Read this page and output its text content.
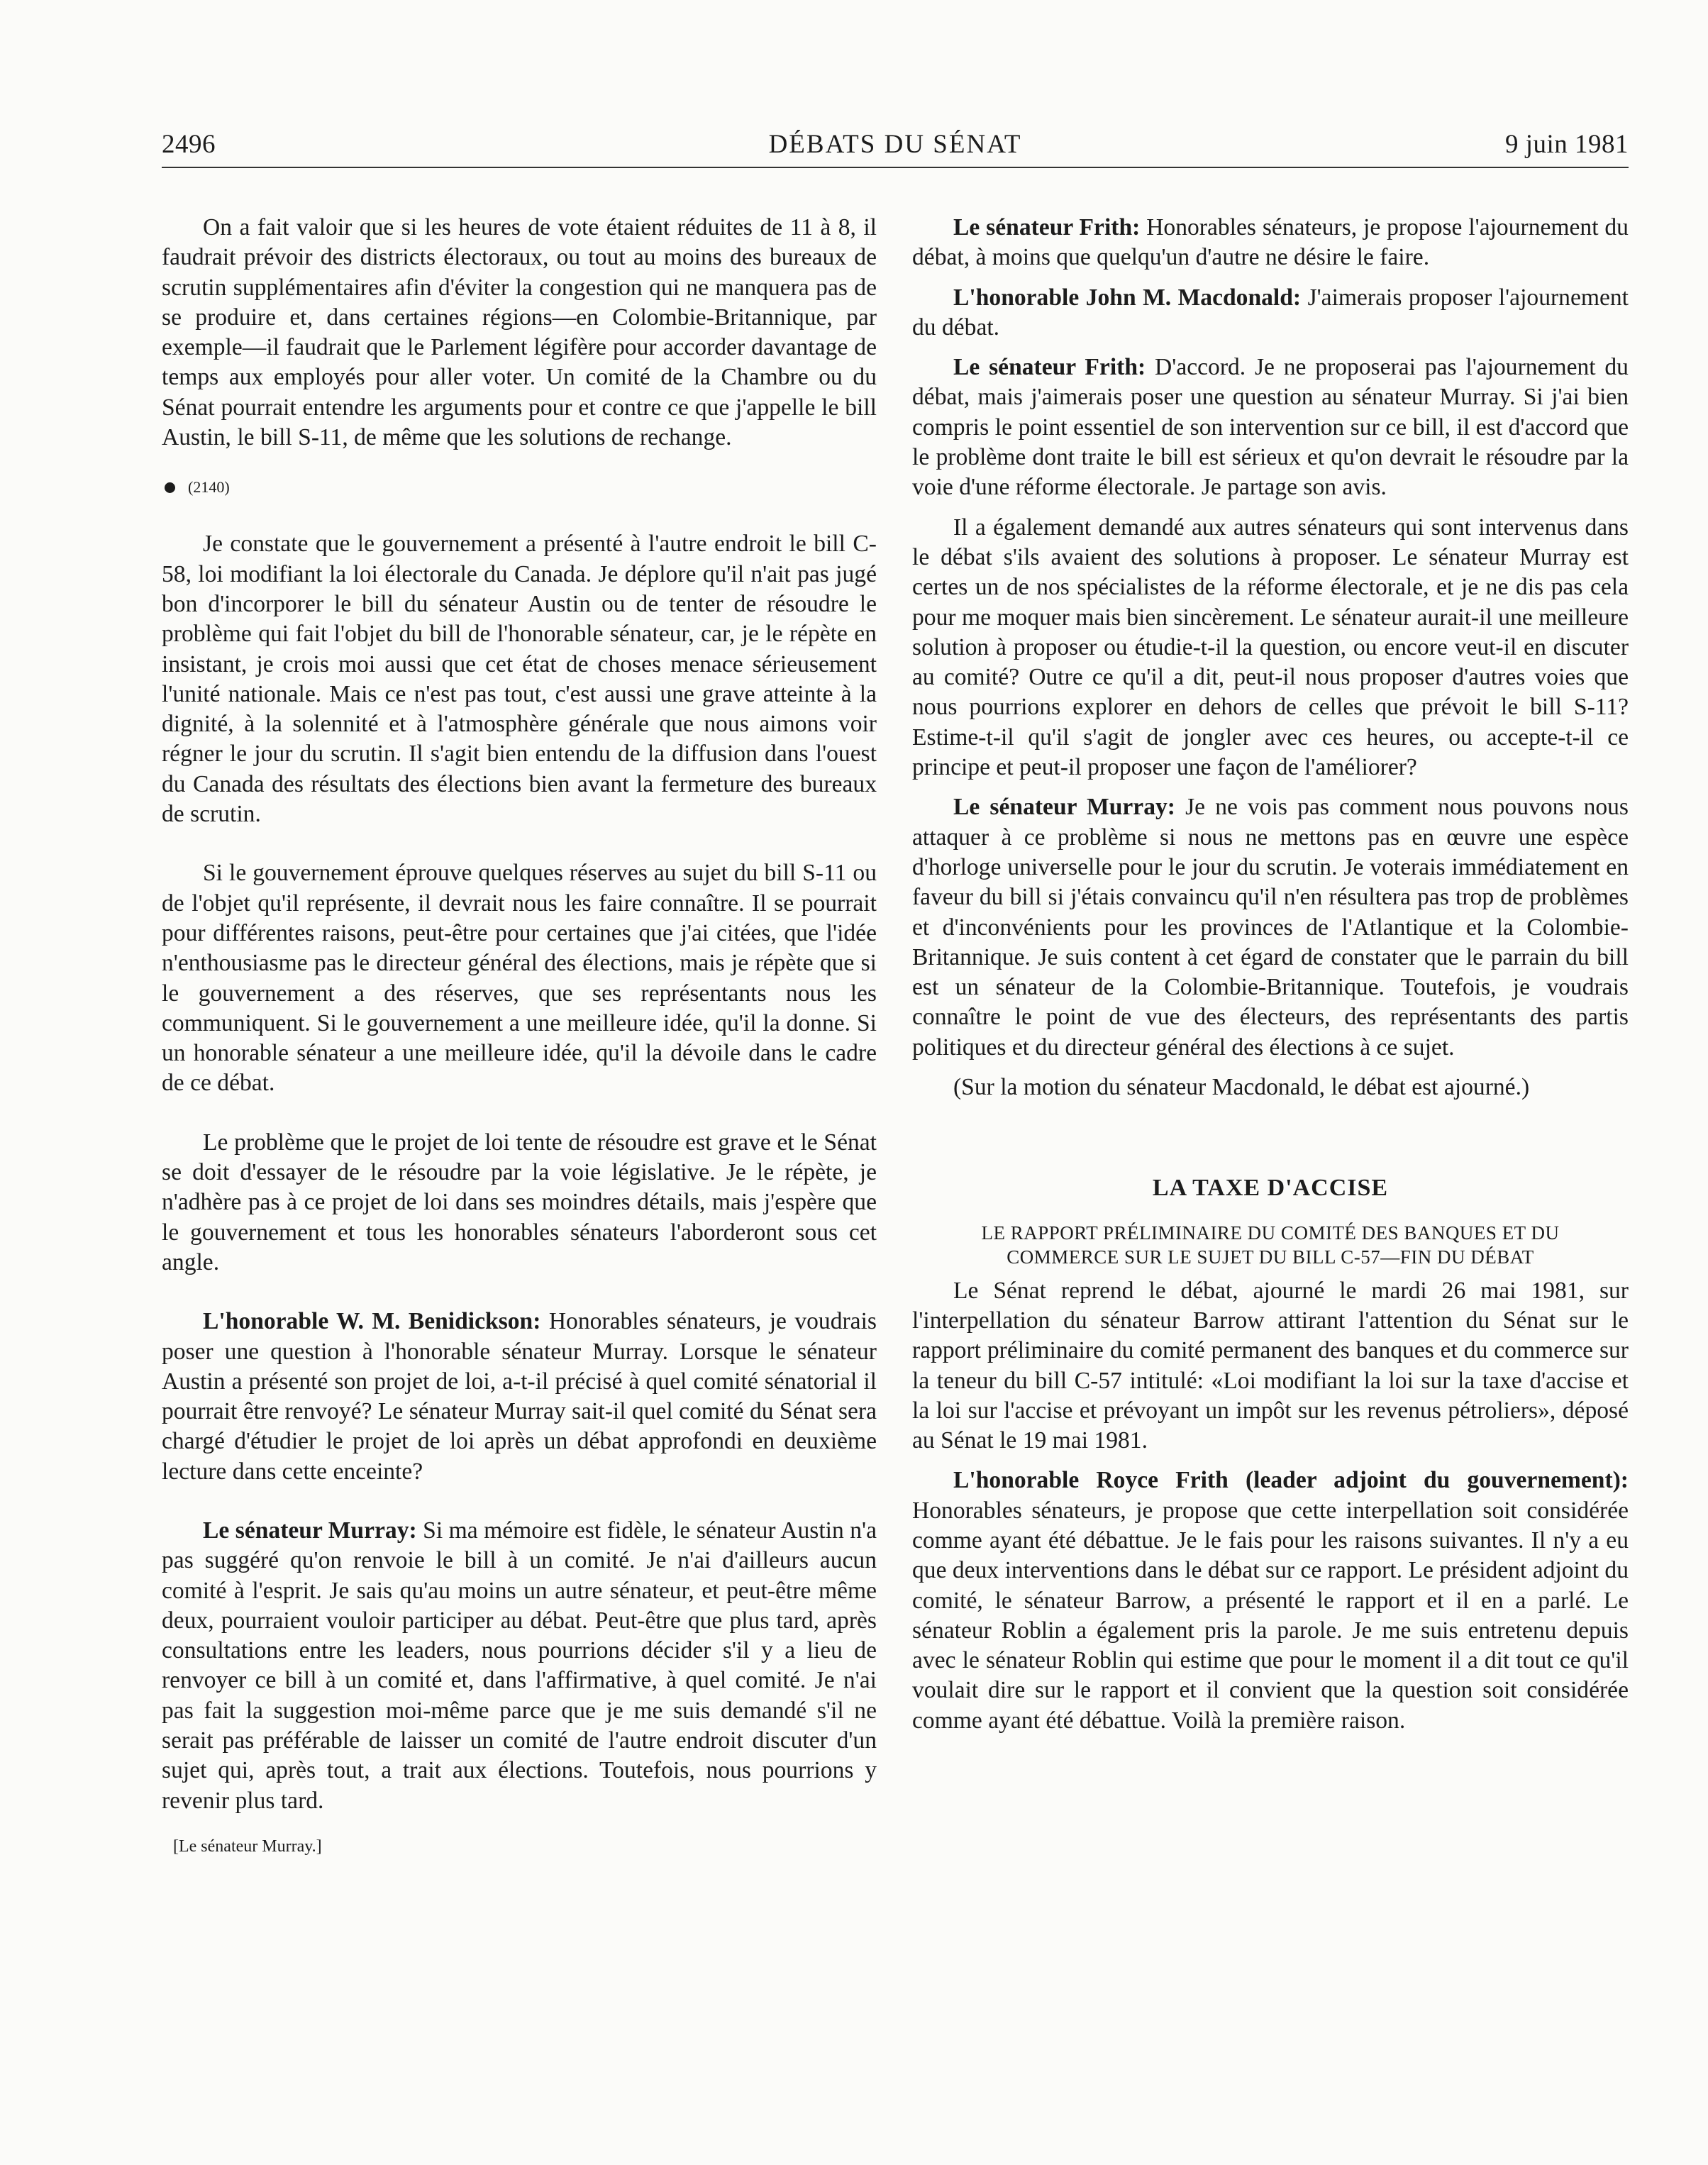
2496	DÉBATS DU SÉNAT	9 juin 1981

On a fait valoir que si les heures de vote étaient réduites de 11 à 8, il faudrait prévoir des districts électoraux, ou tout au moins des bureaux de scrutin supplémentaires afin d'éviter la congestion qui ne manquera pas de se produire et, dans certaines régions—en Colombie-Britannique, par exemple—il faudrait que le Parlement légifère pour accorder davantage de temps aux employés pour aller voter. Un comité de la Chambre ou du Sénat pourrait entendre les arguments pour et contre ce que j'appelle le bill Austin, le bill S-11, de même que les solutions de rechange.

(2140)

Je constate que le gouvernement a présenté à l'autre endroit le bill C-58, loi modifiant la loi électorale du Canada. Je déplore qu'il n'ait pas jugé bon d'incorporer le bill du sénateur Austin ou de tenter de résoudre le problème qui fait l'objet du bill de l'honorable sénateur, car, je le répète en insistant, je crois moi aussi que cet état de choses menace sérieusement l'unité nationale. Mais ce n'est pas tout, c'est aussi une grave atteinte à la dignité, à la solennité et à l'atmosphère générale que nous aimons voir régner le jour du scrutin. Il s'agit bien entendu de la diffusion dans l'ouest du Canada des résultats des élections bien avant la fermeture des bureaux de scrutin.

Si le gouvernement éprouve quelques réserves au sujet du bill S-11 ou de l'objet qu'il représente, il devrait nous les faire connaître. Il se pourrait pour différentes raisons, peut-être pour certaines que j'ai citées, que l'idée n'enthousiasme pas le directeur général des élections, mais je répète que si le gouvernement a des réserves, que ses représentants nous les communiquent. Si le gouvernement a une meilleure idée, qu'il la donne. Si un honorable sénateur a une meilleure idée, qu'il la dévoile dans le cadre de ce débat.

Le problème que le projet de loi tente de résoudre est grave et le Sénat se doit d'essayer de le résoudre par la voie législative. Je le répète, je n'adhère pas à ce projet de loi dans ses moindres détails, mais j'espère que le gouvernement et tous les honorables sénateurs l'aborderont sous cet angle.

L'honorable W. M. Benidickson: Honorables sénateurs, je voudrais poser une question à l'honorable sénateur Murray. Lorsque le sénateur Austin a présenté son projet de loi, a-t-il précisé à quel comité sénatorial il pourrait être renvoyé? Le sénateur Murray sait-il quel comité du Sénat sera chargé d'étudier le projet de loi après un débat approfondi en deuxième lecture dans cette enceinte?

Le sénateur Murray: Si ma mémoire est fidèle, le sénateur Austin n'a pas suggéré qu'on renvoie le bill à un comité. Je n'ai d'ailleurs aucun comité à l'esprit. Je sais qu'au moins un autre sénateur, et peut-être même deux, pourraient vouloir participer au débat. Peut-être que plus tard, après consultations entre les leaders, nous pourrions décider s'il y a lieu de renvoyer ce bill à un comité et, dans l'affirmative, à quel comité. Je n'ai pas fait la suggestion moi-même parce que je me suis demandé s'il ne serait pas préférable de laisser un comité de l'autre endroit discuter d'un sujet qui, après tout, a trait aux élections. Toutefois, nous pourrions y revenir plus tard.

[Le sénateur Murray.]

Le sénateur Frith: Honorables sénateurs, je propose l'ajournement du débat, à moins que quelqu'un d'autre ne désire le faire.

L'honorable John M. Macdonald: J'aimerais proposer l'ajournement du débat.

Le sénateur Frith: D'accord. Je ne proposerai pas l'ajournement du débat, mais j'aimerais poser une question au sénateur Murray. Si j'ai bien compris le point essentiel de son intervention sur ce bill, il est d'accord que le problème dont traite le bill est sérieux et qu'on devrait le résoudre par la voie d'une réforme électorale. Je partage son avis.

Il a également demandé aux autres sénateurs qui sont intervenus dans le débat s'ils avaient des solutions à proposer. Le sénateur Murray est certes un de nos spécialistes de la réforme électorale, et je ne dis pas cela pour me moquer mais bien sincèrement. Le sénateur aurait-il une meilleure solution à proposer ou étudie-t-il la question, ou encore veut-il en discuter au comité? Outre ce qu'il a dit, peut-il nous proposer d'autres voies que nous pourrions explorer en dehors de celles que prévoit le bill S-11? Estime-t-il qu'il s'agit de jongler avec ces heures, ou accepte-t-il ce principe et peut-il proposer une façon de l'améliorer?

Le sénateur Murray: Je ne vois pas comment nous pouvons nous attaquer à ce problème si nous ne mettons pas en œuvre une espèce d'horloge universelle pour le jour du scrutin. Je voterais immédiatement en faveur du bill si j'étais convaincu qu'il n'en résultera pas trop de problèmes et d'inconvénients pour les provinces de l'Atlantique et la Colombie-Britannique. Je suis content à cet égard de constater que le parrain du bill est un sénateur de la Colombie-Britannique. Toutefois, je voudrais connaître le point de vue des électeurs, des représentants des partis politiques et du directeur général des élections à ce sujet.

(Sur la motion du sénateur Macdonald, le débat est ajourné.)

LA TAXE D'ACCISE

LE RAPPORT PRÉLIMINAIRE DU COMITÉ DES BANQUES ET DU
COMMERCE SUR LE SUJET DU BILL C-57—FIN DU DÉBAT

Le Sénat reprend le débat, ajourné le mardi 26 mai 1981, sur l'interpellation du sénateur Barrow attirant l'attention du Sénat sur le rapport préliminaire du comité permanent des banques et du commerce sur la teneur du bill C-57 intitulé: «Loi modifiant la loi sur la taxe d'accise et la loi sur l'accise et prévoyant un impôt sur les revenus pétroliers», déposé au Sénat le 19 mai 1981.

L'honorable Royce Frith (leader adjoint du gouvernement): Honorables sénateurs, je propose que cette interpellation soit considérée comme ayant été débattue. Je le fais pour les raisons suivantes. Il n'y a eu que deux interventions dans le débat sur ce rapport. Le président adjoint du comité, le sénateur Barrow, a présenté le rapport et il en a parlé. Le sénateur Roblin a également pris la parole. Je me suis entretenu depuis avec le sénateur Roblin qui estime que pour le moment il a dit tout ce qu'il voulait dire sur le rapport et il convient que la question soit considérée comme ayant été débattue. Voilà la première raison.
